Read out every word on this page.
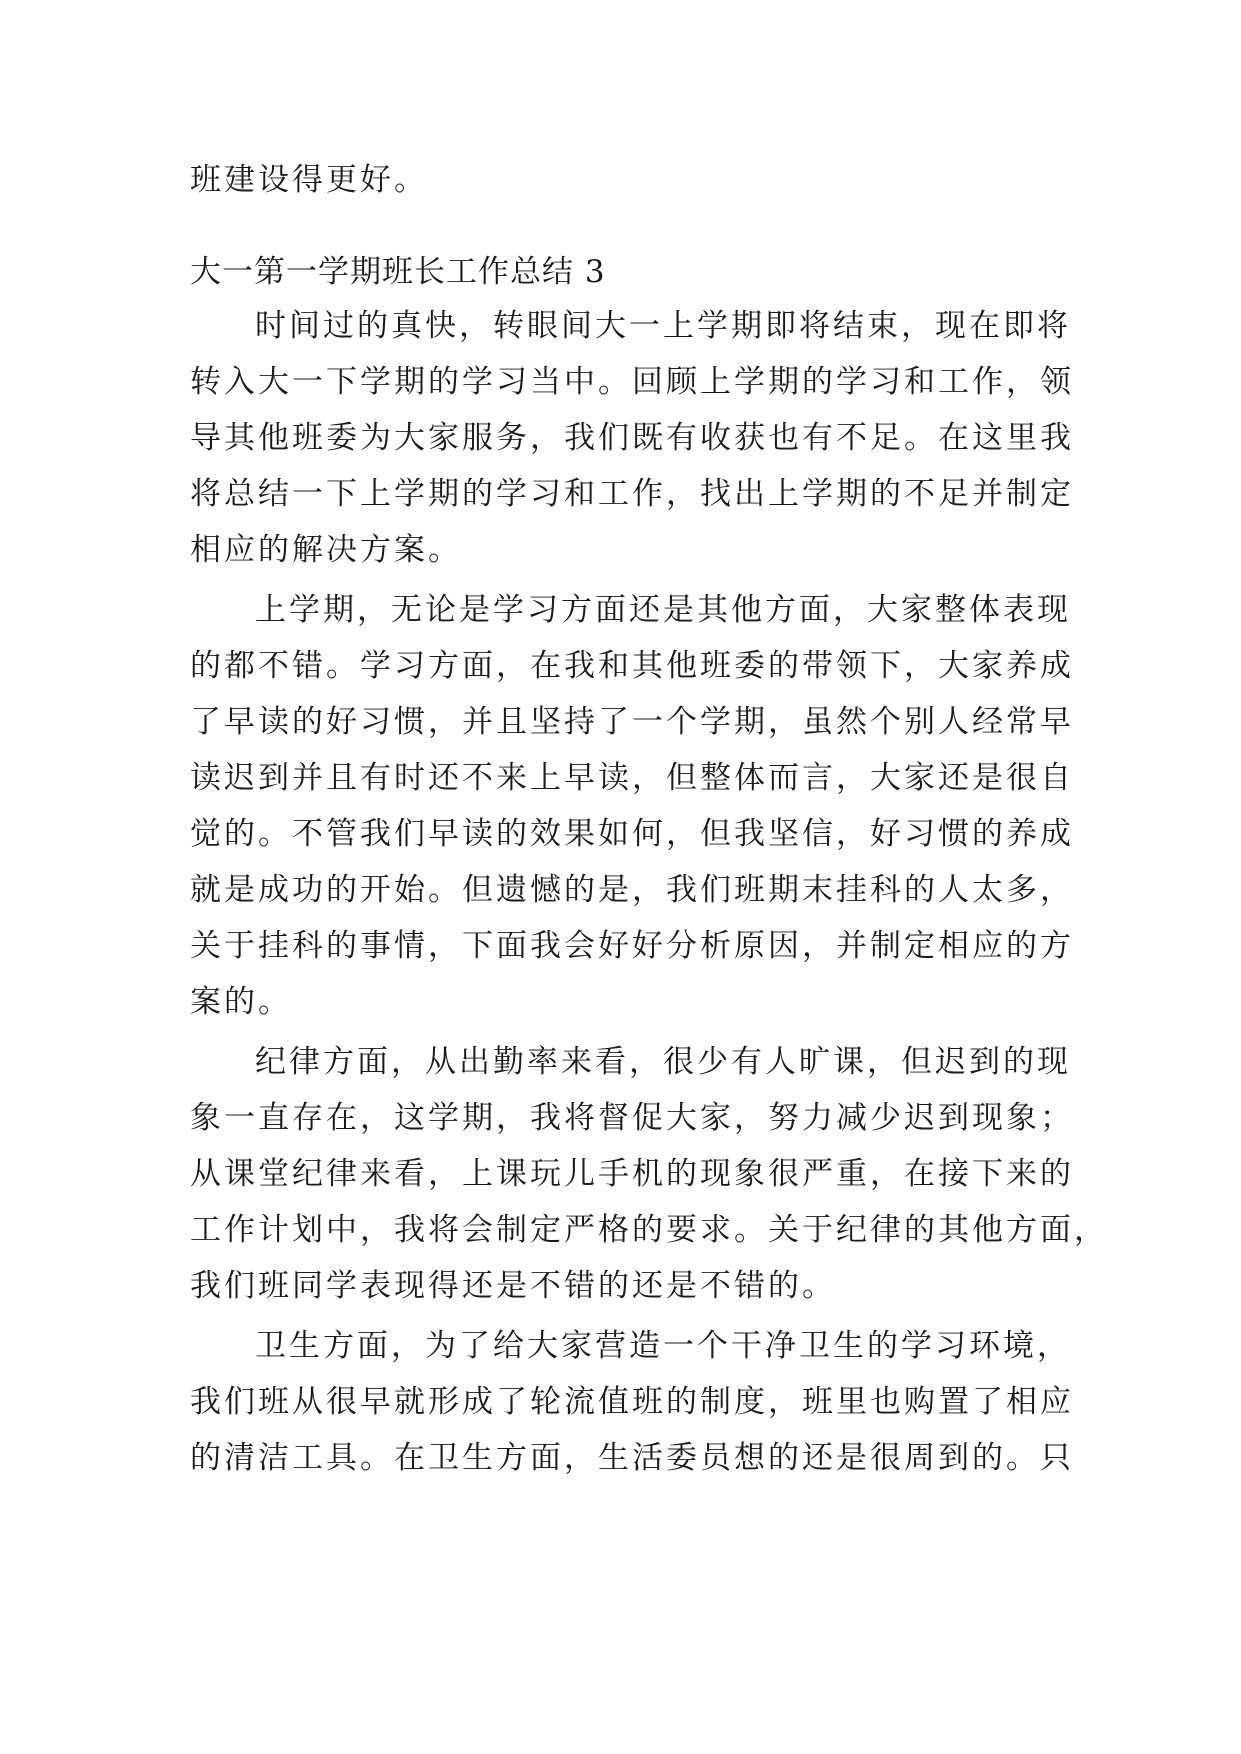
班建设得更好。
大一第一学期班长工作总结 3
时间过的真快，转眼间大一上学期即将结束，现在即将
转入大一下学期的学习当中。回顾上学期的学习和工作，领
导其他班委为大家服务，我们既有收获也有不足。在这里我
将总结一下上学期的学习和工作，找出上学期的不足并制定
相应的解决方案。
上学期，无论是学习方面还是其他方面，大家整体表现
的都不错。学习方面，在我和其他班委的带领下，大家养成
了早读的好习惯，并且坚持了一个学期，虽然个别人经常早
读迟到并且有时还不来上早读，但整体而言，大家还是很自
觉的。不管我们早读的效果如何，但我坚信，好习惯的养成
就是成功的开始。但遗憾的是，我们班期末挂科的人太多，
关于挂科的事情，下面我会好好分析原因，并制定相应的方
案的。
纪律方面，从出勤率来看，很少有人旷课，但迟到的现
象一直存在，这学期，我将督促大家，努力减少迟到现象；
从课堂纪律来看，上课玩儿手机的现象很严重，在接下来的
工作计划中，我将会制定严格的要求。关于纪律的其他方面，
我们班同学表现得还是不错的还是不错的。
卫生方面，为了给大家营造一个干净卫生的学习环境，
我们班从很早就形成了轮流值班的制度，班里也购置了相应
的清洁工具。在卫生方面，生活委员想的还是很周到的。只
